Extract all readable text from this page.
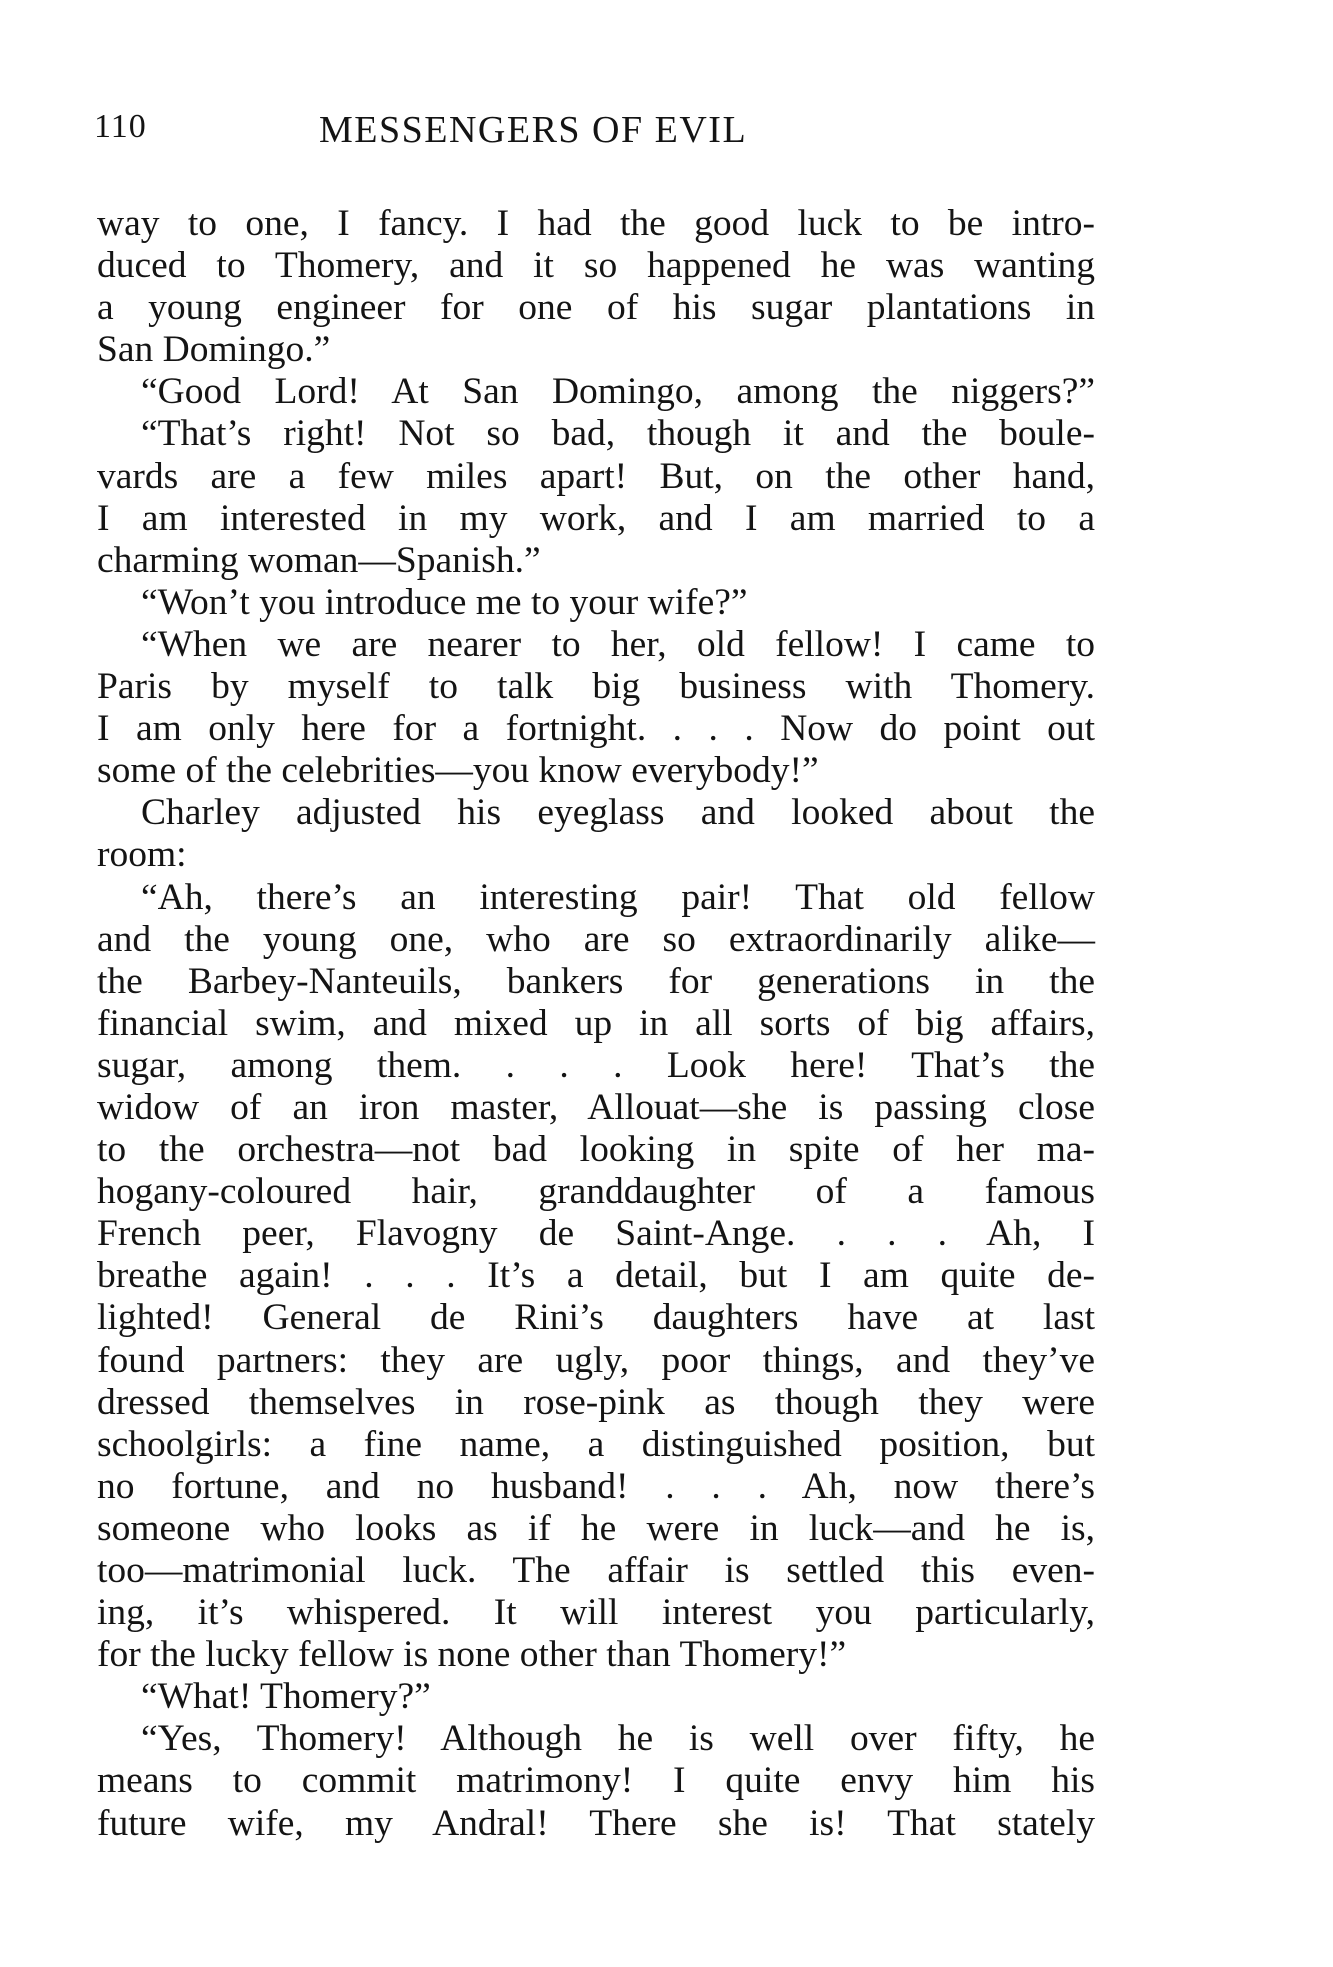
110	MESSENGERS OF EVIL
way to one, I fancy. I had the good luck to be intro-
duced to Thomery, and it so happened he was wanting
a young engineer for one of his sugar plantations in
San Domingo.”
“Good Lord! At San Domingo, among the niggers?”
“That’s right! Not so bad, though it and the boule-
vards are a few miles apart! But, on the other hand,
I am interested in my work, and I am married to a
charming woman—Spanish.”
“Won’t you introduce me to your wife?”
“When we are nearer to her, old fellow! I came to
Paris by myself to talk big business with Thomery.
I am only here for a fortnight. . . . Now do point out
some of the celebrities—you know everybody!”
Charley adjusted his eyeglass and looked about the
room:
“Ah, there’s an interesting pair! That old fellow
and the young one, who are so extraordinarily alike—
the Barbey-Nanteuils, bankers for generations in the
financial swim, and mixed up in all sorts of big affairs,
sugar, among them. . . . Look here! That’s the
widow of an iron master, Allouat—she is passing close
to the orchestra—not bad looking in spite of her ma-
hogany-coloured hair, granddaughter of a famous
French peer, Flavogny de Saint-Ange. . . . Ah, I
breathe again! . . . It’s a detail, but I am quite de-
lighted! General de Rini’s daughters have at last
found partners: they are ugly, poor things, and they’ve
dressed themselves in rose-pink as though they were
schoolgirls: a fine name, a distinguished position, but
no fortune, and no husband! . . . Ah, now there’s
someone who looks as if he were in luck—and he is,
too—matrimonial luck. The affair is settled this even-
ing, it’s whispered. It will interest you particularly,
for the lucky fellow is none other than Thomery!”
“What! Thomery?”
“Yes, Thomery! Although he is well over fifty, he
means to commit matrimony! I quite envy him his
future wife, my Andral! There she is! That stately
